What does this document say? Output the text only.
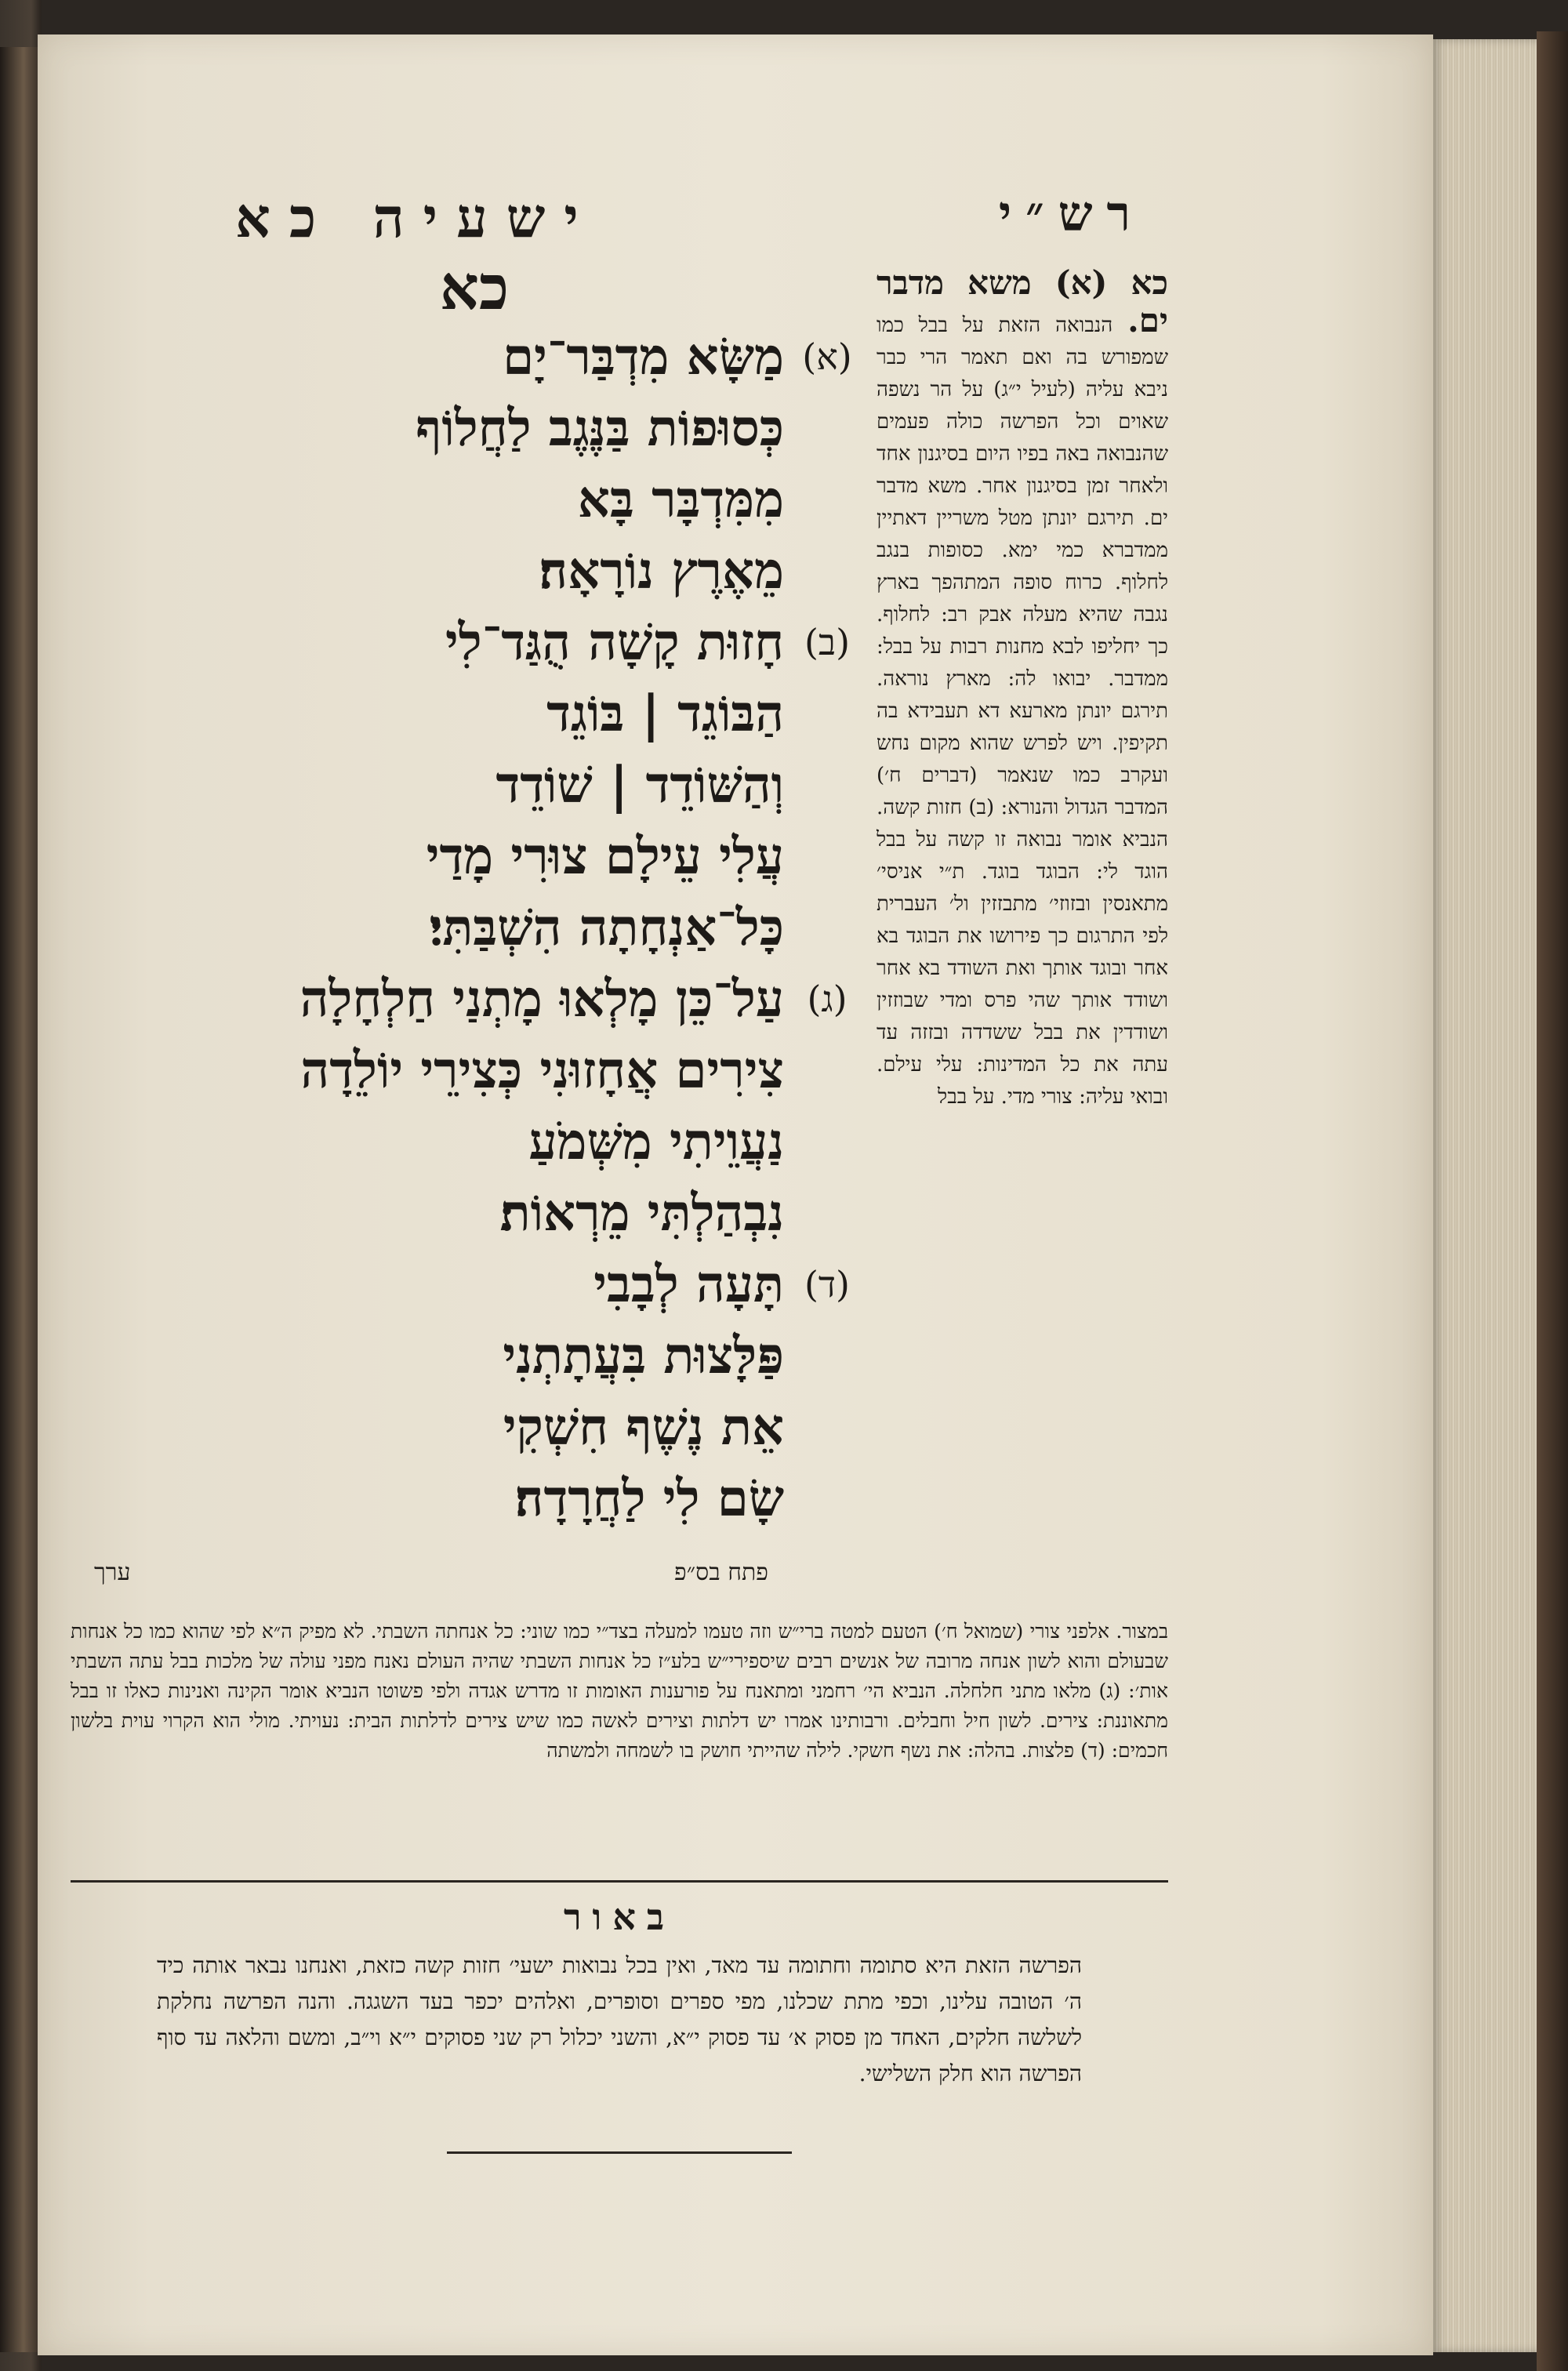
ישעיה כא	רש״י
כא
(א)
מַשָּׂא מִדְבַּר־יָם
כְּסוּפוֹת בַּנֶּגֶב לַחֲלוֹף
מִמִּדְבָּר בָּא
מֵאֶרֶץ נוֹרָאָה׃
(ב)
חָזוּת קָשָׁה הֻגַּד־לִי
הַבּוֹגֵד | בּוֹגֵד
וְהַשּׁוֹדֵד | שׁוֹדֵד
עֲלִי עֵילָם צוּרִי מָדַי
כָּל־אַנְחָתָה הִשְׁבַּתִּי׃
(ג)
עַל־כֵּן מָלְאוּ מָתְנַי חַלְחָלָה
צִירִים אֲחָזוּנִי כְּצִירֵי יוֹלֵדָה
נַעֲוֵיתִי מִשְּׁמֹעַ
נִבְהַלְתִּי מֵרְאוֹת׃
(ד)
תָּעָה לְבָבִי
פַּלָּצוּת בִּעֲתָתְנִי
אֵת נֶשֶׁף חִשְׁקִי
שָׂם לִי לַחֲרָדָה׃
פתח בס״פ
ערך
כא (א) משא מדבר ים. הנבואה הזאת על בבל כמו שמפורש בה ואם תאמר הרי כבר ניבא עליה (לעיל י״ג) על הר נשפה שאוים וכל הפרשה כולה פעמים שהנבואה באה בפיו היום בסיגנון אחד ולאחר זמן בסיגנון אחר. משא מדבר ים. תירגם יונתן מטל משריין דאתיין ממדברא כמי ימא. כסופות בנגב לחלוף. כרוח סופה המתהפך בארץ נגבה שהיא מעלה אבק רב: לחלוף. כך יחליפו לבא מחנות רבות על בבל: ממדבר. יבואו לה: מארץ נוראה. תירגם יונתן מארעא דא תעבידא בה תקיפין. ויש לפרש שהוא מקום נחש ועקרב כמו שנאמר (דברים ח׳) המדבר הגדול והנורא: (ב) חזות קשה. הנביא אומר נבואה זו קשה על בבל הוגד לי: הבוגד בוגד. ת״י אניסי׳ מתאנסין ובזוזי׳ מתבזזין ול׳ העברית לפי התרגום כך פירושו את הבוגד בא אחר ובוגד אותך ואת השודד בא אחר ושודד אותך שהי פרס ומדי שבוזזין ושודדין את בבל ששדדה ובזזה עד עתה את כל המדינות: עלי עילם. ובואי עליה: צורי מדי. על בבל
במצור. אלפני צורי (שמואל ח׳) הטעם למטה ברי״ש וזה טעמו למעלה בצד״י כמו שוני: כל אנחתה השבתי. לא מפיק ה״א לפי שהוא כמו כל אנחות שבעולם והוא לשון אנחה מרובה של אנשים רבים שיספירי״ש בלע״ז כל אנחות השבתי שהיה העולם נאנח מפני עולה של מלכות בבל עתה השבתי אות׳: (ג) מלאו מתני חלחלה. הנביא הי׳ רחמני ומתאנח על פורענות האומות זו מדרש אגדה ולפי פשוטו הנביא אומר הקינה ואנינות כאלו זו בבל מתאוננת: צירים. לשון חיל וחבלים. ורבותינו אמרו יש דלתות וצירים לאשה כמו שיש צירים לדלתות הבית: נעויתי. מולי הוא הקרוי עוית בלשון חכמים: (ד) פלצות. בהלה: את נשף חשקי. לילה שהייתי חושק בו לשמחה ולמשתה
באור
הפרשה הזאת היא סתומה וחתומה עד מאד, ואין בכל נבואות ישעי׳ חזות קשה כזאת, ואנחנו נבאר אותה כיד ה׳ הטובה עלינו, וכפי מתת שכלנו, מפי ספרים וסופרים, ואלהים יכפר בעד השגגה. והנה הפרשה נחלקת לשלשה חלקים, האחד מן פסוק א׳ עד פסוק י״א, והשני יכלול רק שני פסוקים י״א וי״ב, ומשם והלאה עד סוף הפרשה הוא חלק השלישי.
